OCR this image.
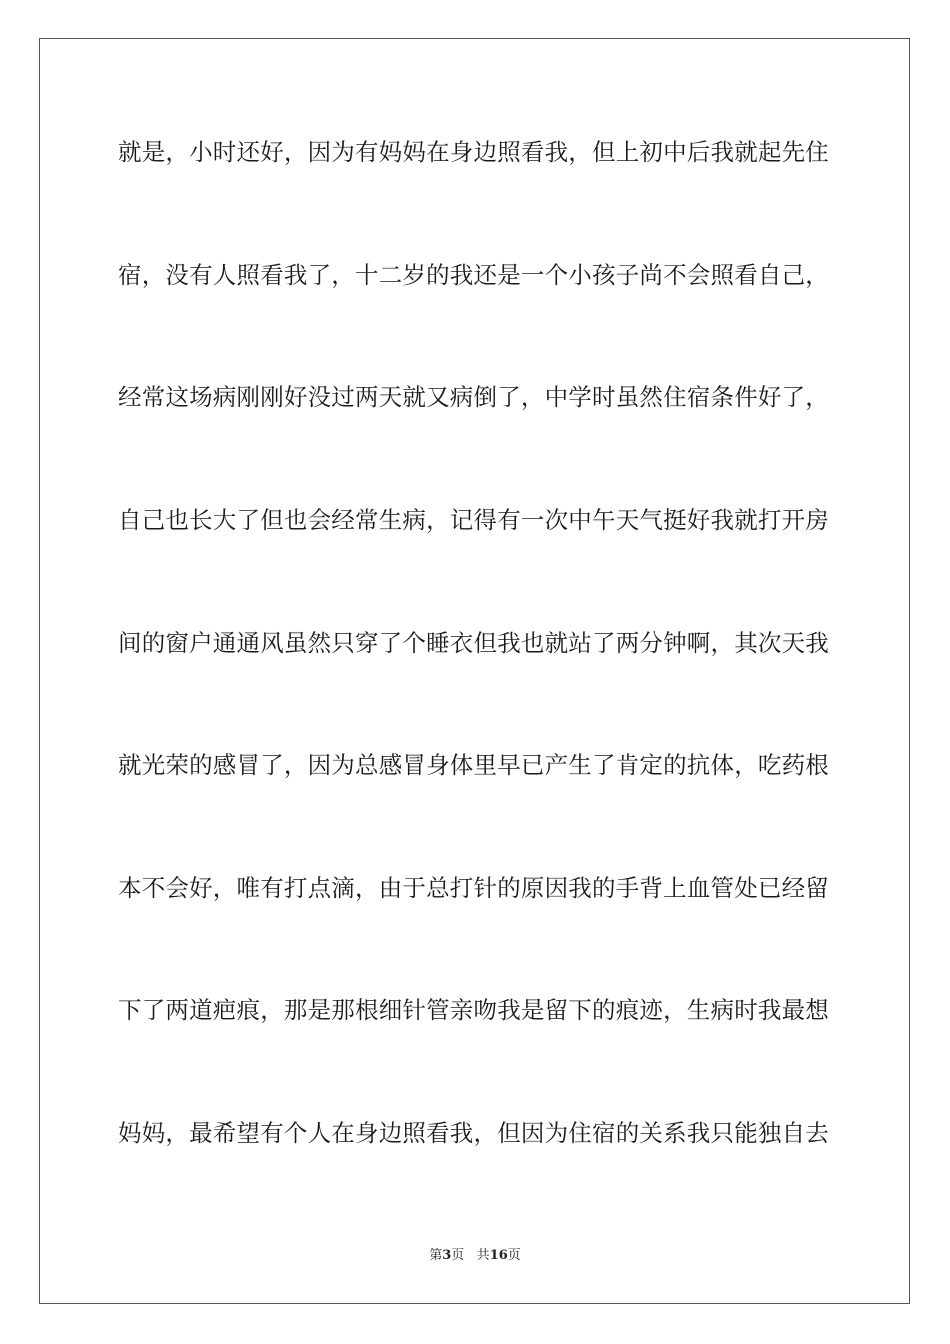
就是，小时还好，因为有妈妈在身边照看我，但上初中后我就起先住
宿，没有人照看我了，十二岁的我还是一个小孩子尚不会照看自己，
经常这场病刚刚好没过两天就又病倒了，中学时虽然住宿条件好了，
自己也长大了但也会经常生病，记得有一次中午天气挺好我就打开房
间的窗户通通风虽然只穿了个睡衣但我也就站了两分钟啊，其次天我
就光荣的感冒了，因为总感冒身体里早已产生了肯定的抗体，吃药根
本不会好，唯有打点滴，由于总打针的原因我的手背上血管处已经留
下了两道疤痕，那是那根细针管亲吻我是留下的痕迹，生病时我最想
妈妈，最希望有个人在身边照看我，但因为住宿的关系我只能独自去
第3页 共16页
